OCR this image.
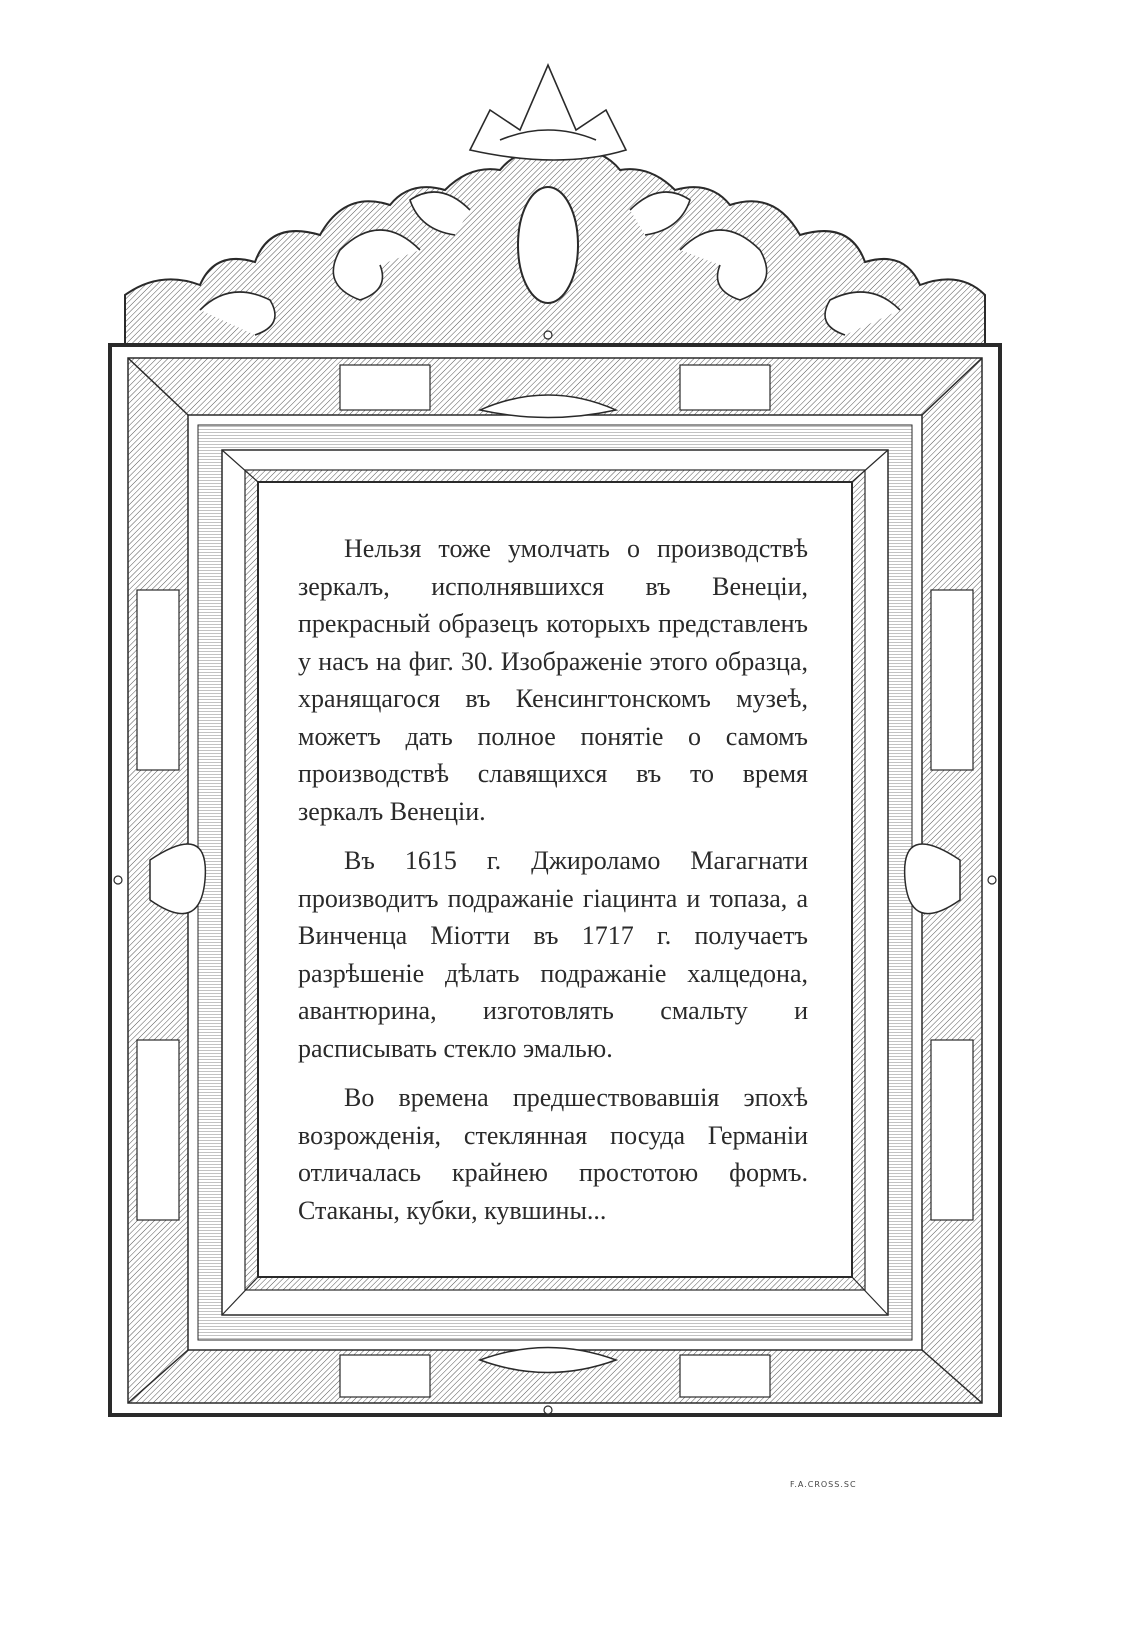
Нельзя тоже умолчать о производствѣ зеркалъ, исполнявшихся въ Венеціи, прекрасный образецъ которыхъ представленъ у насъ на фиг. 30. Изображеніе этого образца, хранящагося въ Кенсингтонскомъ музеѣ, можетъ дать полное понятіе о самомъ производствѣ славящихся въ то время зеркалъ Венеціи.

Въ 1615 г. Джироламо Магагнати производитъ подражаніе гіацинта и топаза, а Винченца Міотти въ 1717 г. получаетъ разрѣшеніе дѣлать подражаніе халцедона, авантюрина, изготовлять смальту и расписывать стекло эмалью.

Во времена предшествовавшія эпохѣ возрожденія, стеклянная посуда Германіи отличалась крайнею простотою формъ. Стаканы, кубки, кувшины...

F.A.CROSS.SC
